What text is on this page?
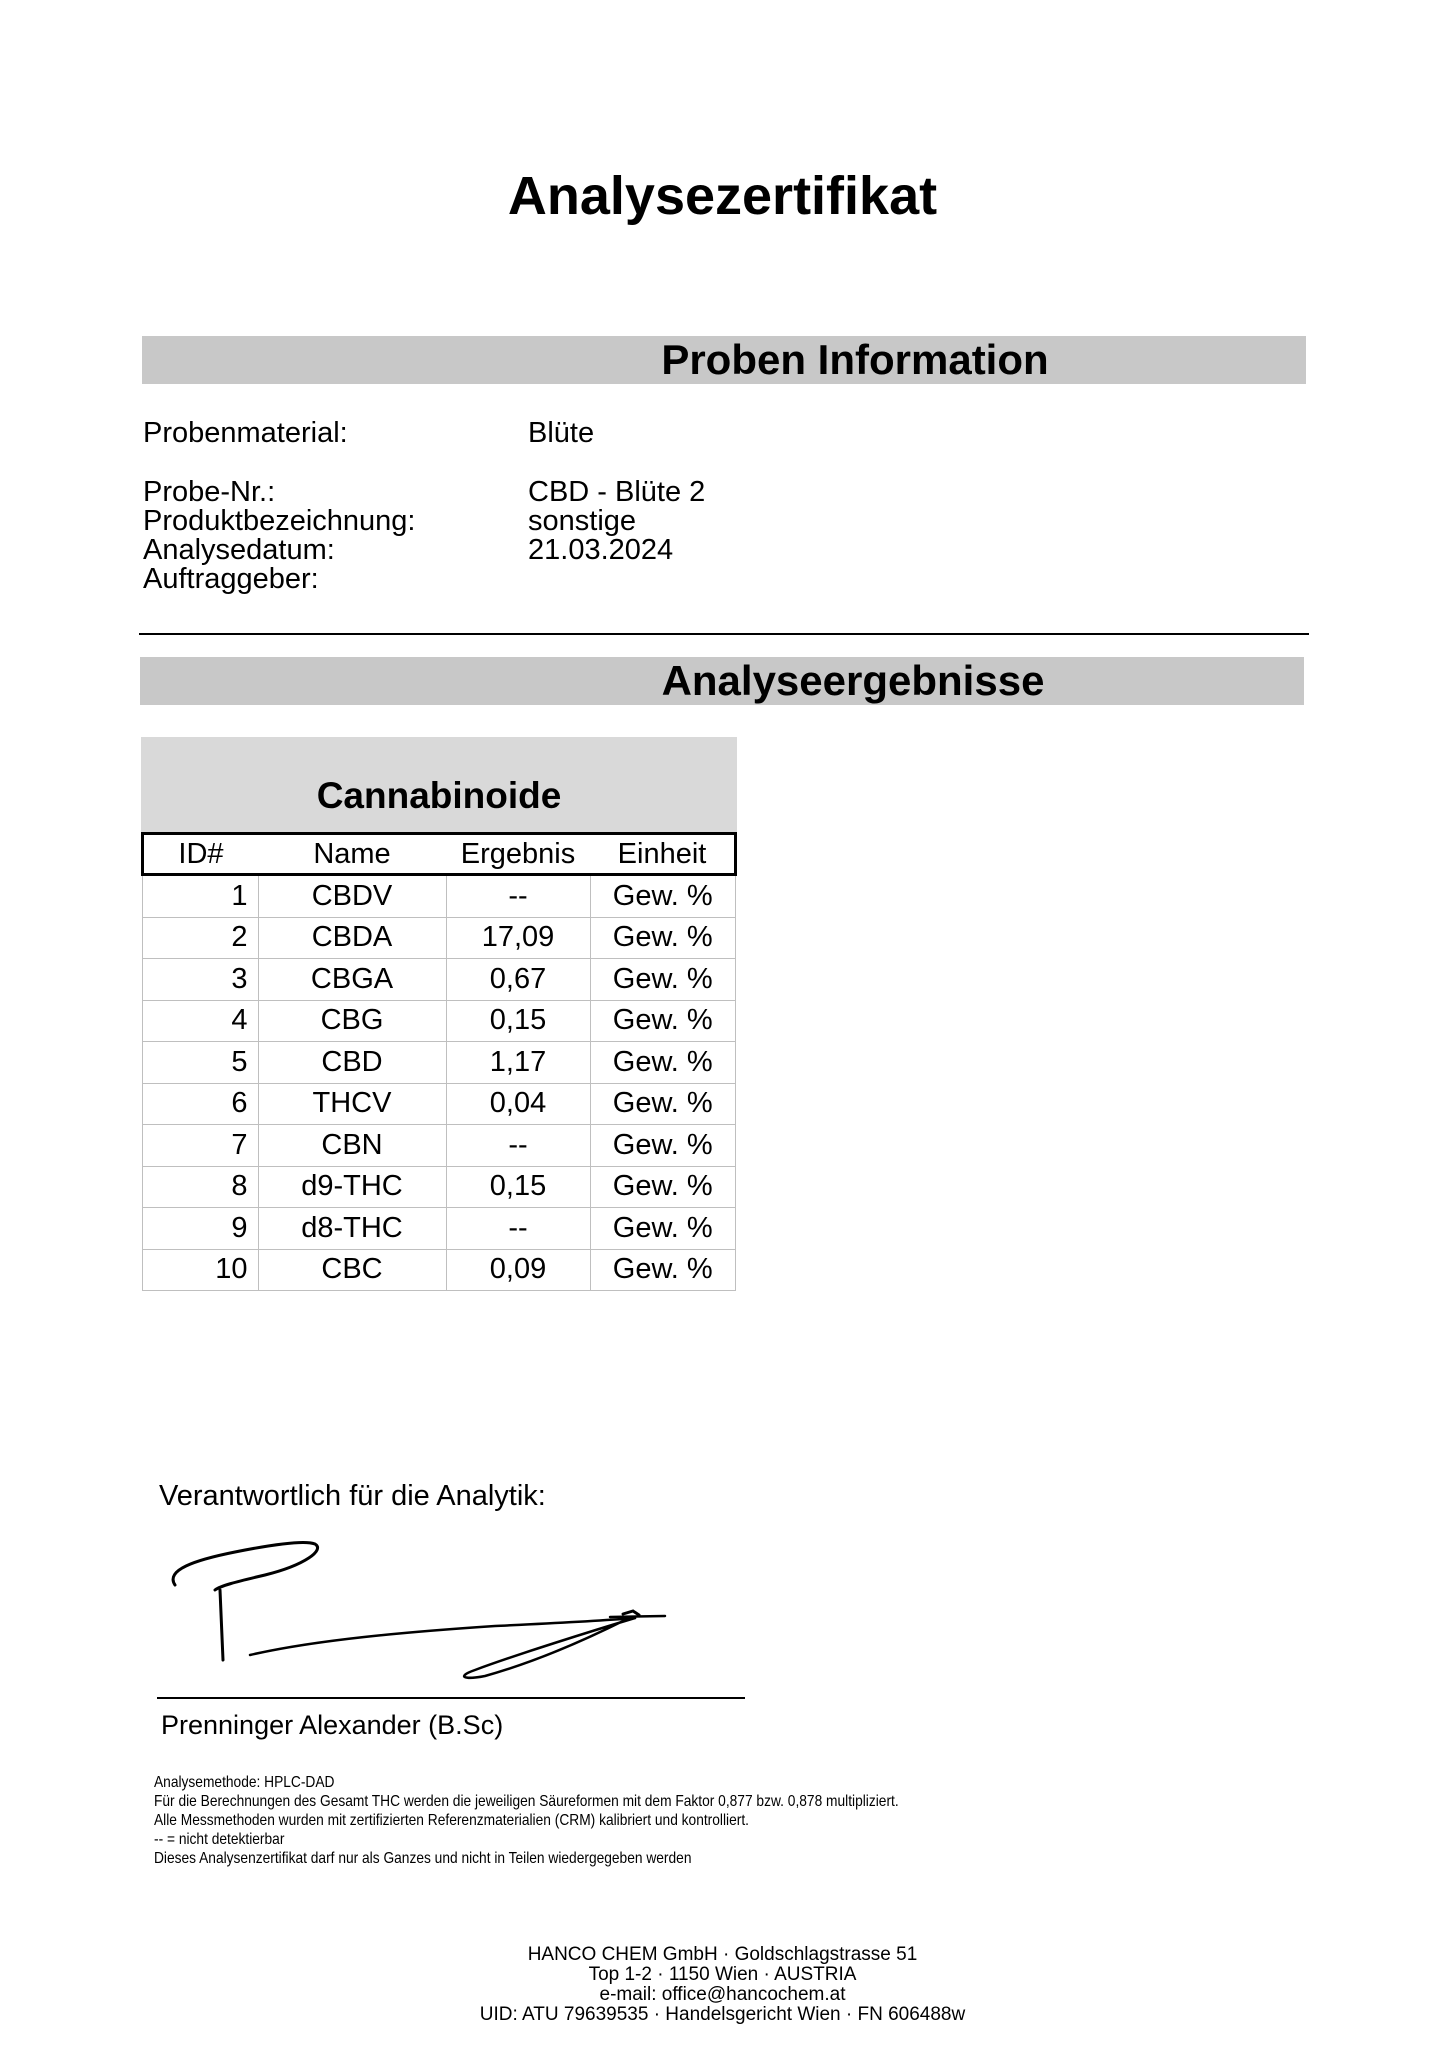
Analysezertifikat
Proben Information
Probenmaterial:	Blüte
Probe-Nr.:	CBD - Blüte 2
Produktbezeichnung:	sonstige
Analysedatum:	21.03.2024
Auftraggeber:
Analyseergebnisse
Cannabinoide
ID#	Name	Ergebnis	Einheit
1	CBDV	--	Gew. %
2	CBDA	17,09	Gew. %
3	CBGA	0,67	Gew. %
4	CBG	0,15	Gew. %
5	CBD	1,17	Gew. %
6	THCV	0,04	Gew. %
7	CBN	--	Gew. %
8	d9-THC	0,15	Gew. %
9	d8-THC	--	Gew. %
10	CBC	0,09	Gew. %
Verantwortlich für die Analytik:
Prenninger Alexander (B.Sc)
Analysemethode: HPLC-DAD
Für die Berechnungen des Gesamt THC werden die jeweiligen Säureformen mit dem Faktor 0,877 bzw. 0,878 multipliziert.
Alle Messmethoden wurden mit zertifizierten Referenzmaterialien (CRM) kalibriert und kontrolliert.
-- = nicht detektierbar
Dieses Analysenzertifikat darf nur als Ganzes und nicht in Teilen wiedergegeben werden
HANCO CHEM GmbH · Goldschlagstrasse 51
Top 1-2 · 1150 Wien · AUSTRIA
e-mail: office@hancochem.at
UID: ATU 79639535 · Handelsgericht Wien · FN 606488w
